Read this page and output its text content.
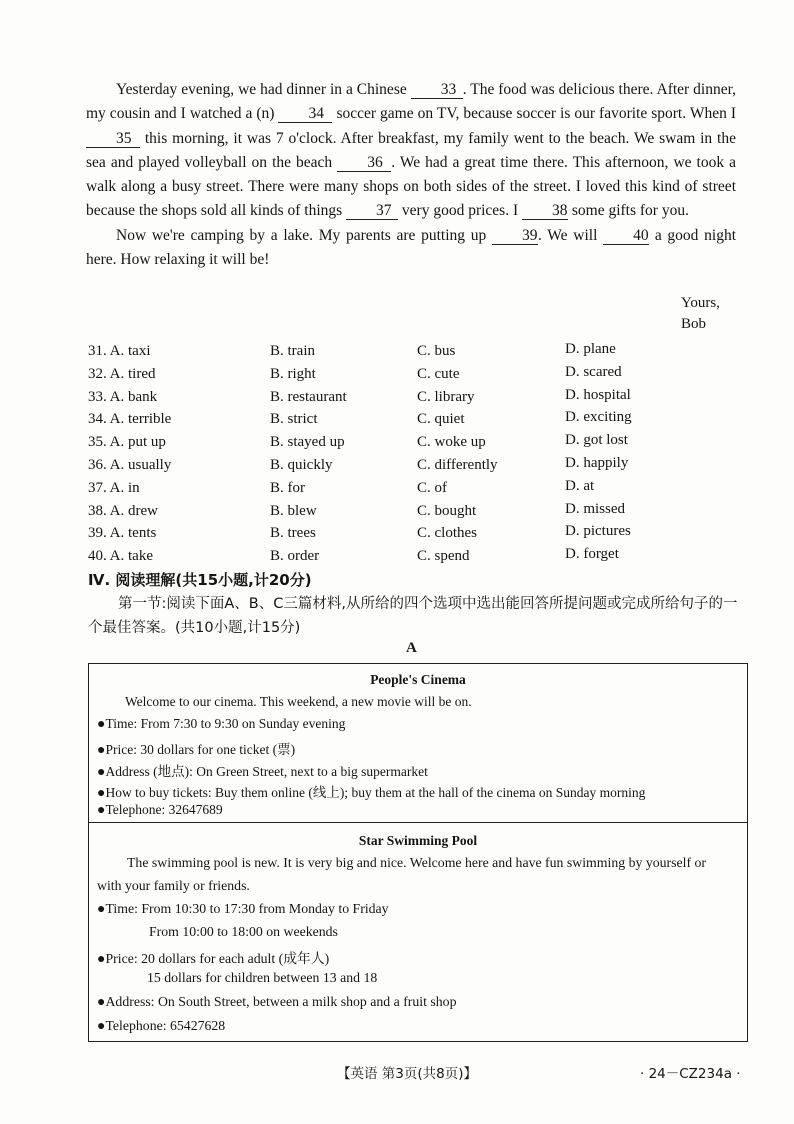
Yesterday evening, we had dinner in a Chinese 33 . The food was delicious there. After dinner, my cousin and I watched a (n) 34 soccer game on TV, because soccer is our favorite sport. When I 35 this morning, it was 7 o'clock. After breakfast, my family went to the beach. We swam in the sea and played volleyball on the beach 36 . We had a great time there. This afternoon, we took a walk along a busy street. There were many shops on both sides of the street. I loved this kind of street because the shops sold all kinds of things 37 very good prices. I 38 some gifts for you.

Now we're camping by a lake. My parents are putting up 39. We will 40 a good night here. How relaxing it will be!

Yours,
Bob
31. A. taxi	B. train	C. bus	D. plane
32. A. tired	B. right	C. cute	D. scared
33. A. bank	B. restaurant	C. library	D. hospital
34. A. terrible	B. strict	C. quiet	D. exciting
35. A. put up	B. stayed up	C. woke up	D. got lost
36. A. usually	B. quickly	C. differently	D. happily
37. A. in	B. for	C. of	D. at
38. A. drew	B. blew	C. bought	D. missed
39. A. tents	B. trees	C. clothes	D. pictures
40. A. take	B. order	C. spend	D. forget
Ⅳ. 阅读理解(共15小题,计20分)
第一节:阅读下面A、B、C三篇材料,从所给的四个选项中选出能回答所提问题或完成所给句子的一个最佳答案。(共10小题,计15分)
A
People's Cinema
Welcome to our cinema. This weekend, a new movie will be on.
●Time: From 7:30 to 9:30 on Sunday evening
●Price: 30 dollars for one ticket (票)
●Address (地点): On Green Street, next to a big supermarket
●How to buy tickets: Buy them online (线上); buy them at the hall of the cinema on Sunday morning
●Telephone: 32647689
Star Swimming Pool
The swimming pool is new. It is very big and nice. Welcome here and have fun swimming by yourself or
with your family or friends.
●Time: From 10:30 to 17:30 from Monday to Friday
From 10:00 to 18:00 on weekends
●Price: 20 dollars for each adult (成年人)
15 dollars for children between 13 and 18
●Address: On South Street, between a milk shop and a fruit shop
●Telephone: 65427628
【英语 第3页(共8页)】	· 24－CZ234a ·
